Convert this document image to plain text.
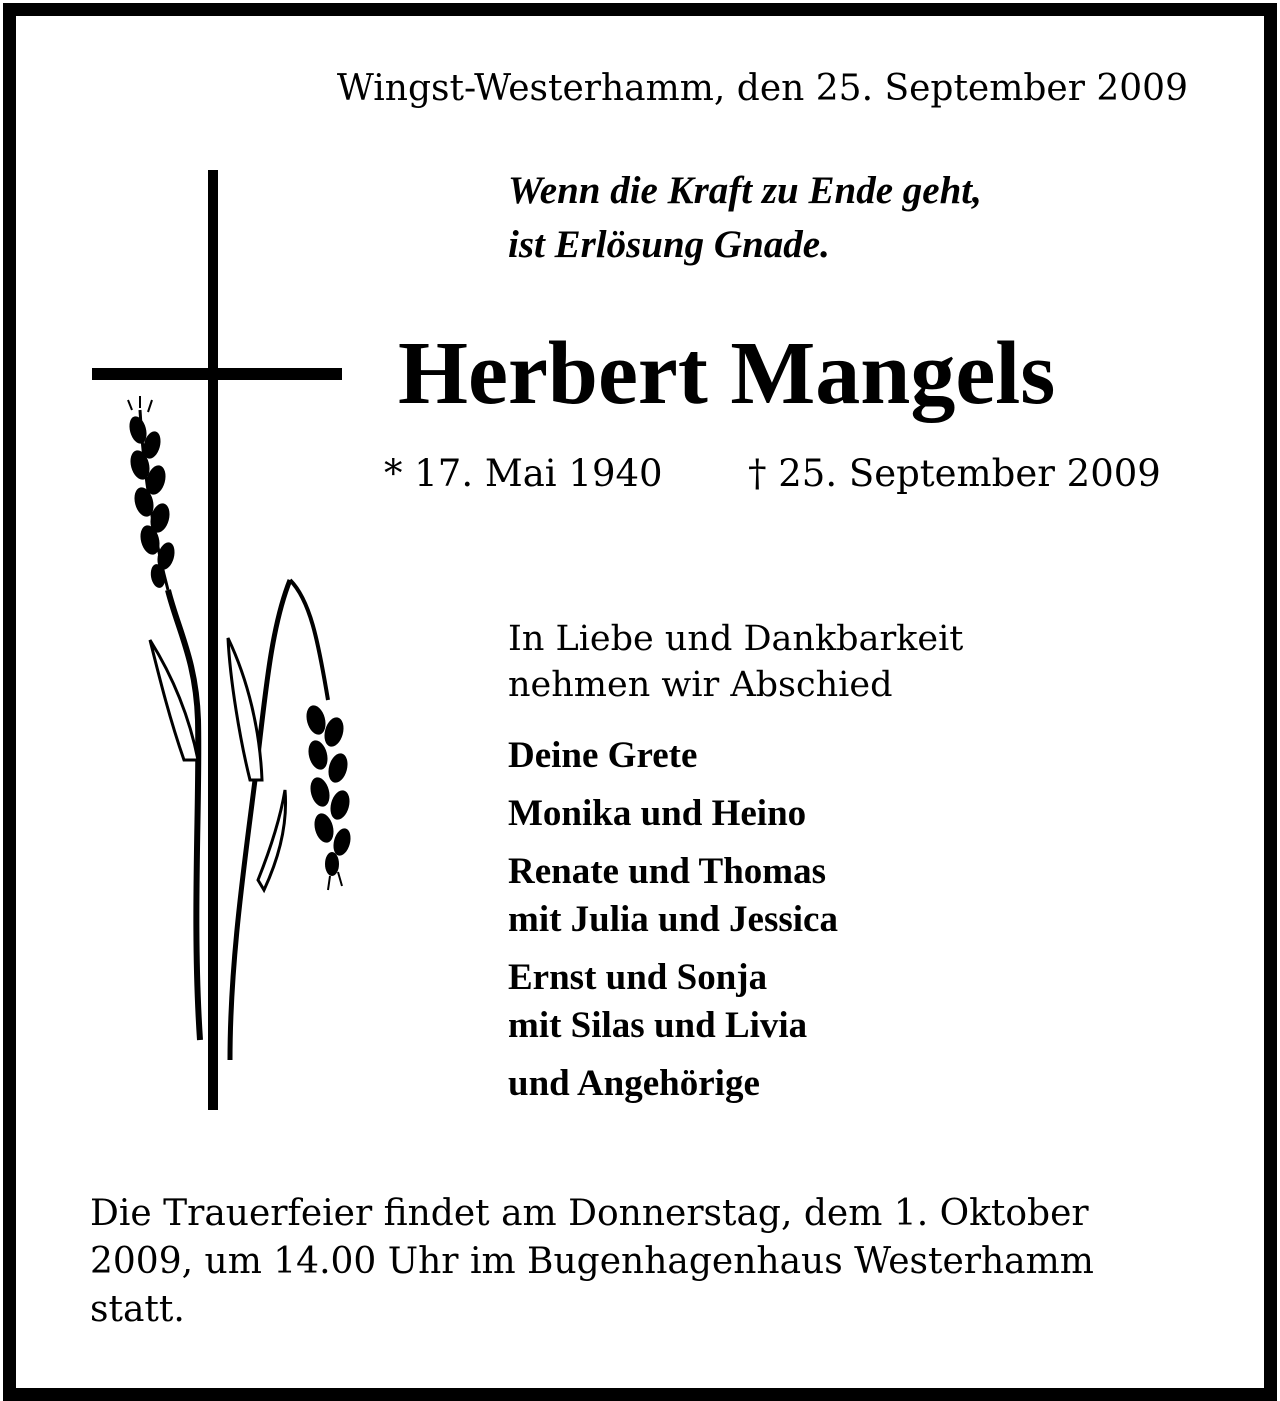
Wingst-Westerhamm, den 25. September 2009

Wenn die Kraft zu Ende geht,
ist Erlösung Gnade.

Herbert Mangels

* 17. Mai 1940 † 25. September 2009

In Liebe und Dankbarkeit
nehmen wir Abschied
Deine Grete
Monika und Heino
Renate und Thomas
mit Julia und Jessica
Ernst und Sonja
mit Silas und Livia
und Angehörige
Die Trauerfeier findet am Donnerstag, dem 1. Oktober
2009, um 14.00 Uhr im Bugenhagenhaus Westerhamm
statt.
